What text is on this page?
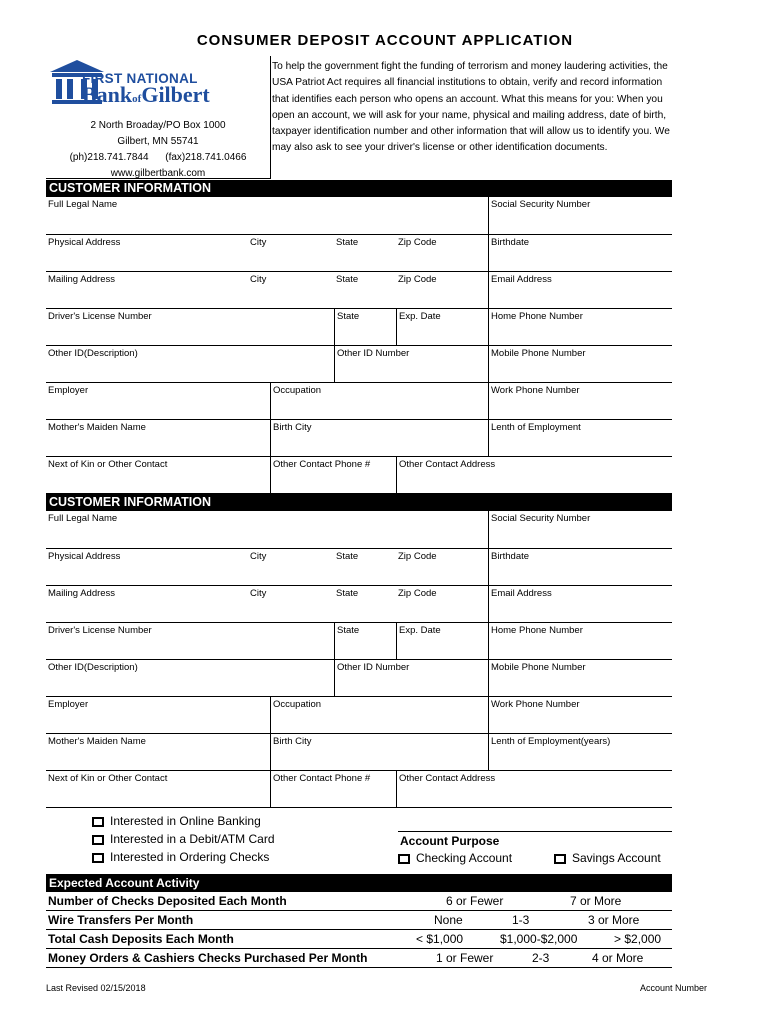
CONSUMER DEPOSIT ACCOUNT APPLICATION
FIRST NATIONAL
BankofGilbert
2 North Broaday/PO Box 1000
Gilbert, MN 55741
(ph)218.741.7844 (fax)218.741.0466
www.gilbertbank.com
To help the government fight the funding of terrorism and money laudering activities, the USA Patriot Act requires all financial institutions to obtain, verify and record information that identifies each person who opens an account. What this means for you: When you open an account, we will ask for your name, physical and mailing address, date of birth, taxpayer identification number and other information that will allow us to identify you. We may also ask to see your driver's license or other identification documents.
CUSTOMER INFORMATION
Full Legal Name	Social Security Number
Physical Address	City	State	Zip Code	Birthdate
Mailing Address	City	State	Zip Code	Email Address
Driver's License Number	State	Exp. Date	Home Phone Number
Other ID(Description)	Other ID Number	Mobile Phone Number
Employer	Occupation	Work Phone Number
Mother's Maiden Name	Birth City	Lenth of Employment
Next of Kin or Other Contact	Other Contact Phone #	Other Contact Address
CUSTOMER INFORMATION
Full Legal Name	Social Security Number
Physical Address	City	State	Zip Code	Birthdate
Mailing Address	City	State	Zip Code	Email Address
Driver's License Number	State	Exp. Date	Home Phone Number
Other ID(Description)	Other ID Number	Mobile Phone Number
Employer	Occupation	Work Phone Number
Mother's Maiden Name	Birth City	Lenth of Employment(years)
Next of Kin or Other Contact	Other Contact Phone #	Other Contact Address
Interested in Online Banking
Interested in a Debit/ATM Card
Interested in Ordering Checks
Account Purpose
Checking Account	Savings Account
Expected Account Activity
Number of Checks Deposited Each Month	6 or Fewer	7 or More
Wire Transfers Per Month	None	1-3	3 or More
Total Cash Deposits Each Month	< $1,000	$1,000-$2,000	> $2,000
Money Orders & Cashiers Checks Purchased Per Month	1 or Fewer	2-3	4 or More
Last Revised 02/15/2018	Account Number
